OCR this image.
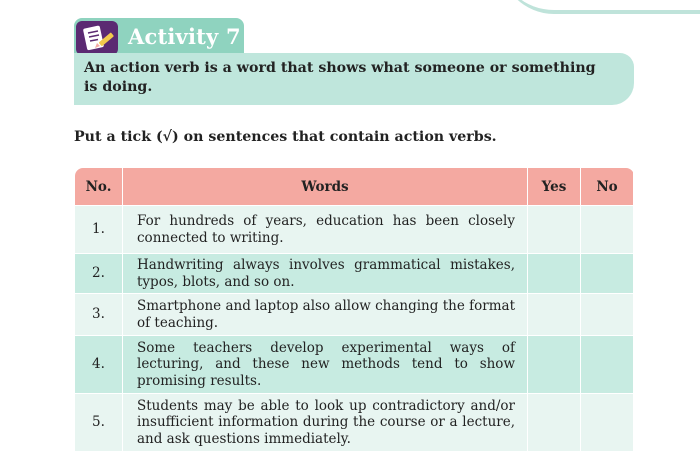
Activity 7
An action verb is a word that shows what someone or something is doing.
Put a tick (√) on sentences that contain action verbs.
No.	Words	Yes	No
1.	For hundreds of years, education has been closely connected to writing.		
2.	Handwriting always involves grammatical mistakes, typos, blots, and so on.		
3.	Smartphone and laptop also allow changing the format of teaching.		
4.	Some teachers develop experimental ways of lecturing, and these new methods tend to show promising results.		
5.	Students may be able to look up contradictory and/or insufficient information during the course or a lecture, and ask questions immediately.		
